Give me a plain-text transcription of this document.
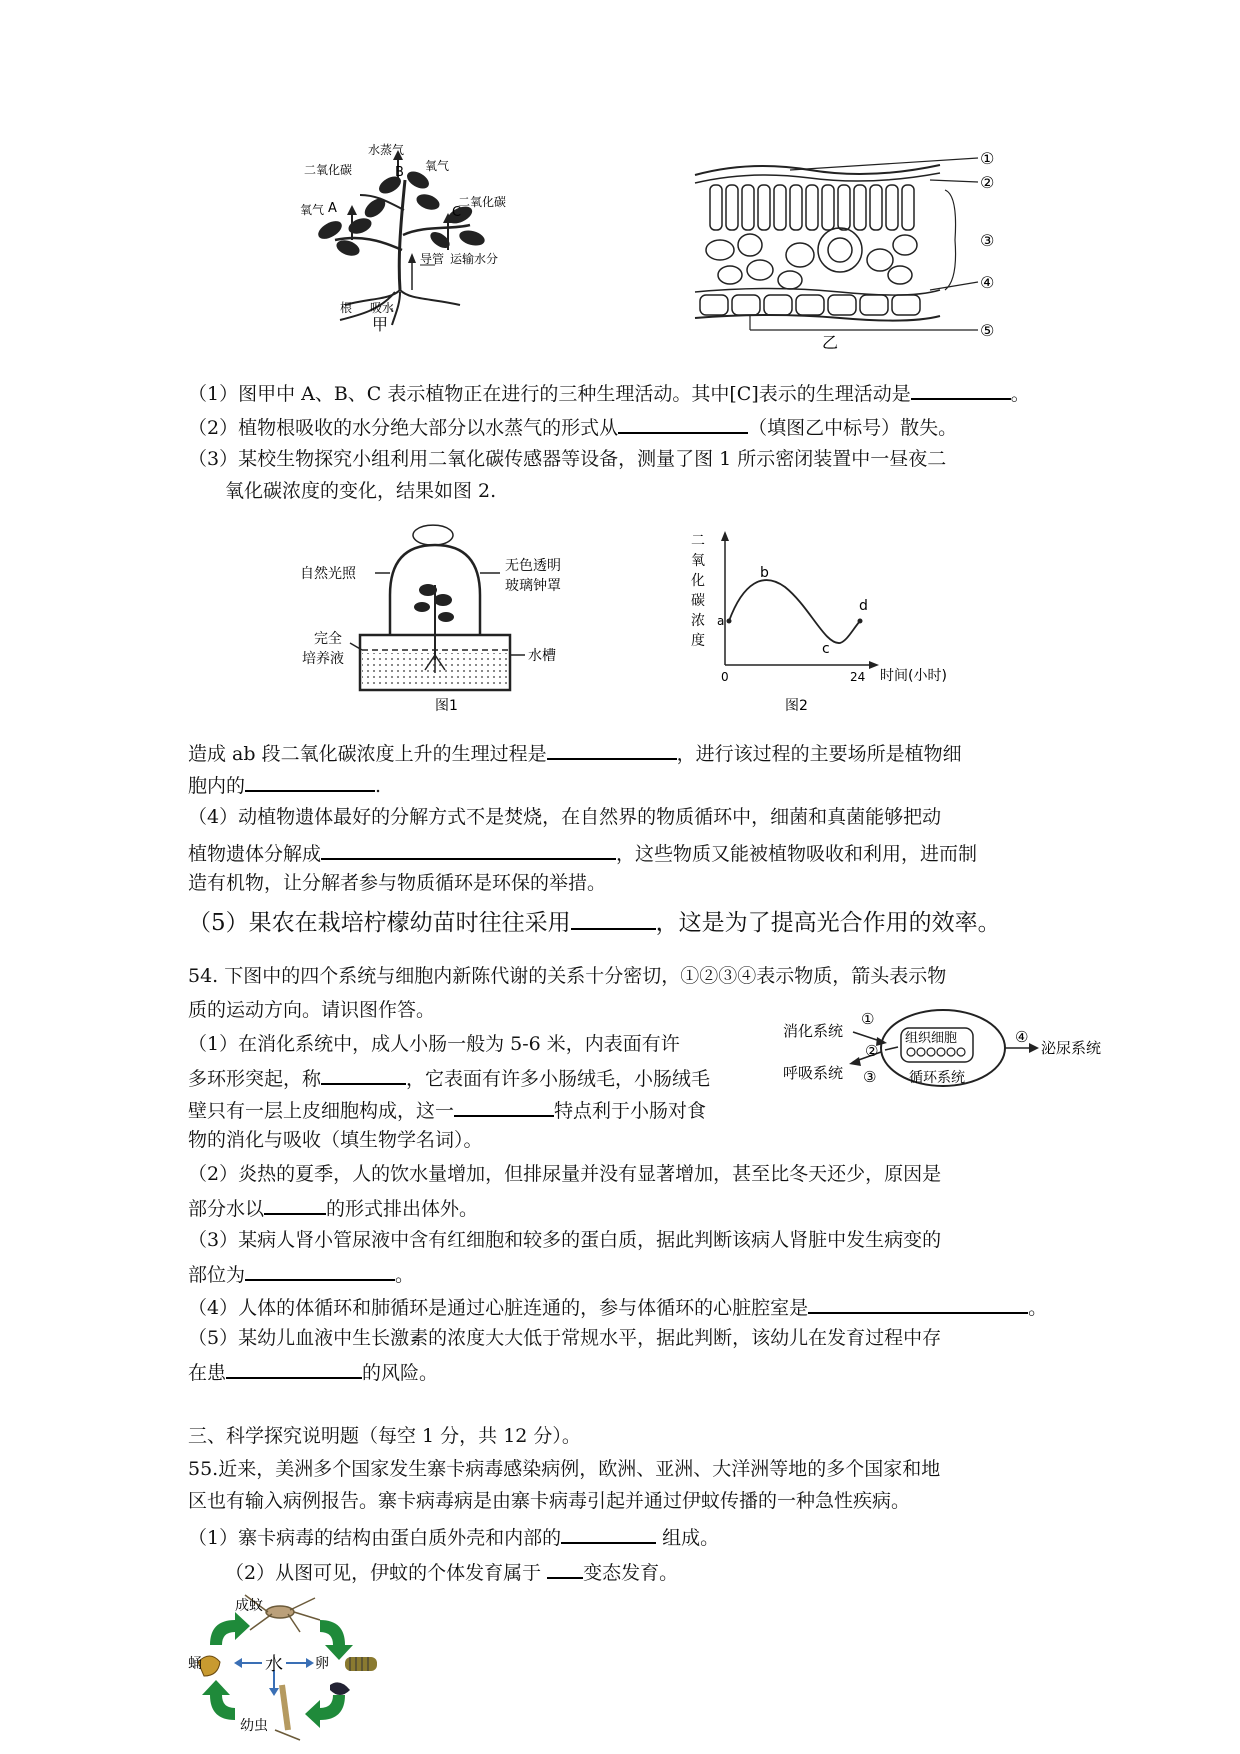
水蒸气
氧气
二氧化碳
氧气
二氧化碳
A
B
C
导管 运输水分
根 吸水
甲
①
②
③
④
⑤
乙
（1）图甲中 A、B、C 表示植物正在进行的三种生理活动。其中[C]表示的生理活动是	。
（2）植物根吸收的水分绝大部分以水蒸气的形式从	（填图乙中标号）散失。
（3）某校生物探究小组利用二氧化碳传感器等设备，测量了图 1 所示密闭装置中一昼夜二
氧化碳浓度的变化，结果如图 2.
自然光照	无色透明
玻璃钟罩
完全
培养液	水槽
图1
二
氧
化
碳
浓
度
a
b
c
d
0	24 时间(小时)
图2
造成 ab 段二氧化碳浓度上升的生理过程是	，进行该过程的主要场所是植物细
胞内的	.
（4）动植物遗体最好的分解方式不是焚烧，在自然界的物质循环中，细菌和真菌能够把动
植物遗体分解成	，这些物质又能被植物吸收和利用，进而制
造有机物，让分解者参与物质循环是环保的举措。
（5）果农在栽培柠檬幼苗时往往采用	，这是为了提高光合作用的效率。
54. 下图中的四个系统与细胞内新陈代谢的关系十分密切，①②③④表示物质，箭头表示物
质的运动方向。请识图作答。
（1）在消化系统中，成人小肠一般为 5-6 米，内表面有许
多环形突起，称	，它表面有许多小肠绒毛，小肠绒毛
壁只有一层上皮细胞构成，这一	特点利于小肠对食
物的消化与吸收（填生物学名词）。
消化系统
呼吸系统
组织细胞
循环系统
泌尿系统
①
②
③
④
（2）炎热的夏季，人的饮水量增加，但排尿量并没有显著增加，甚至比冬天还少，原因是
部分水以	的形式排出体外。
（3）某病人肾小管尿液中含有红细胞和较多的蛋白质，据此判断该病人肾脏中发生病变的
部位为	。
（4）人体的体循环和肺循环是通过心脏连通的，参与体循环的心脏腔室是	。
（5）某幼儿血液中生长激素的浓度大大低于常规水平，据此判断，该幼儿在发育过程中存
在患	的风险。
三、科学探究说明题（每空 1 分，共 12 分）。
55.近来，美洲多个国家发生寨卡病毒感染病例，欧洲、亚洲、大洋洲等地的多个国家和地
区也有输入病例报告。寨卡病毒病是由寨卡病毒引起并通过伊蚊传播的一种急性疾病。
（1）寨卡病毒的结构由蛋白质外壳和内部的	组成。
（2）从图可见，伊蚊的个体发育属于 变态发育。
成蚊
蛹	水 卵
幼虫
